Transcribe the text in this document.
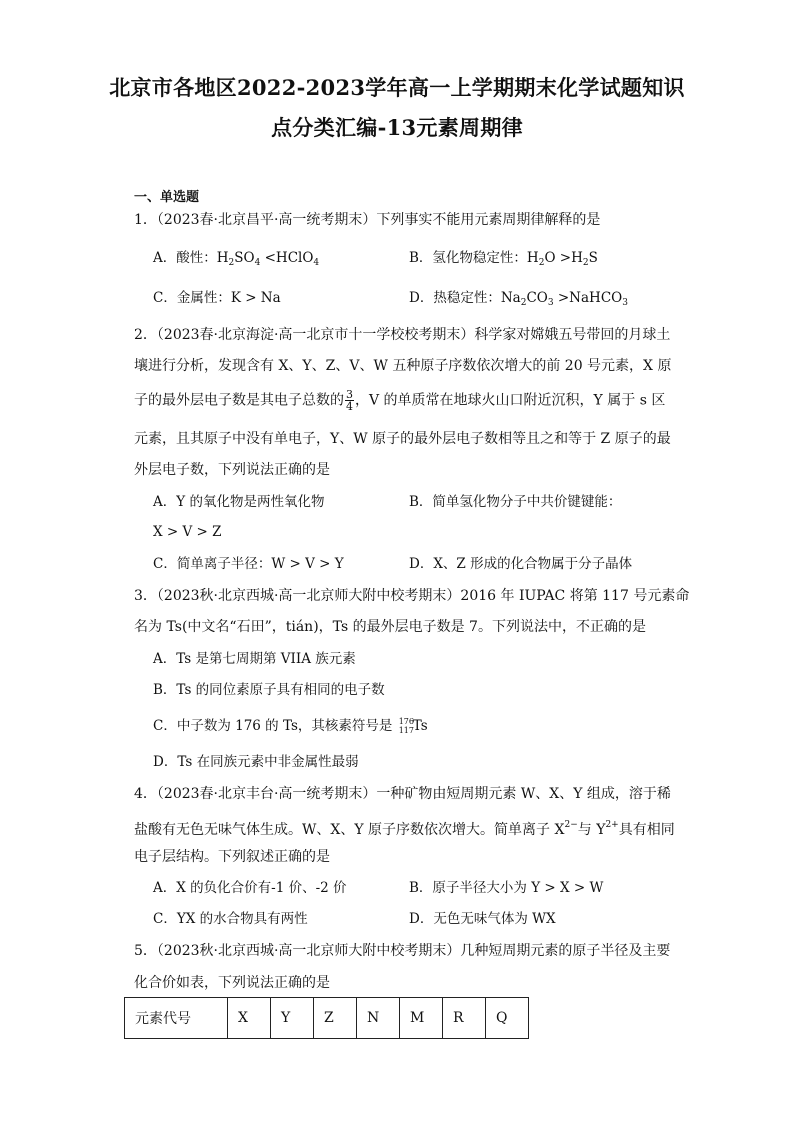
北京市各地区2022-2023学年高一上学期期末化学试题知识
点分类汇编-13元素周期律
一、单选题
1．（2023春·北京昌平·高一统考期末）下列事实不能用元素周期律解释的是
A．酸性：$H_2SO_4$ <HClO$_4$	B．氢化物稳定性：$H_2O >H_2S$
C．金属性：K > Na	D．热稳定性：$Na_2CO_3$ >NaHCO$_3$
2．（2023春·北京海淀·高一北京市十一学校校考期末）科学家对嫦娥五号带回的月球土
壤进行分析，发现含有 X、Y、Z、V、W 五种原子序数依次增大的前 20 号元素，X 原
子的最外层电子数是其电子总数的 $\frac{3}{4}$ ，V 的单质常在地球火山口附近沉积，Y 属于 s 区
元素，且其原子中没有单电子，Y、W 原子的最外层电子数相等且之和等于 Z 原子的最
外层电子数，下列说法正确的是
A．Y 的氧化物是两性氧化物	B．简单氢化物分子中共价键键能：
X > V > Z
C．简单离子半径：W > V > Y	D．X、Z 形成的化合物属于分子晶体
3．（2023秋·北京西城·高一北京师大附中校考期末）2016 年 IUPAC 将第 117 号元素命
名为 Ts(中文名“石田”，tián)，Ts 的最外层电子数是 7。下列说法中，不正确的是
A．Ts 是第七周期第 VIIA 族元素
B．Ts 的同位素原子具有相同的电子数
C．中子数为 176 的 Ts，其核素符号是 176
117
Ts
D．Ts 在同族元素中非金属性最弱
4．（2023春·北京丰台·高一统考期末）一种矿物由短周期元素 W、X、Y 组成，溶于稀
盐酸有无色无味气体生成。W、X、Y 原子序数依次增大。简单离子 $X^{2-}$与 $Y^{2+}$具有相同
电子层结构。下列叙述正确的是
A．X 的负化合价有-1 价、-2 价	B．原子半径大小为 Y > X > W
C．YX 的水合物具有两性	D．无色无味气体为 WX
5．（2023秋·北京西城·高一北京师大附中校考期末）几种短周期元素的原子半径及主要
化合价如表，下列说法正确的是
元素代号	X	Y	Z	N	M	R	Q
